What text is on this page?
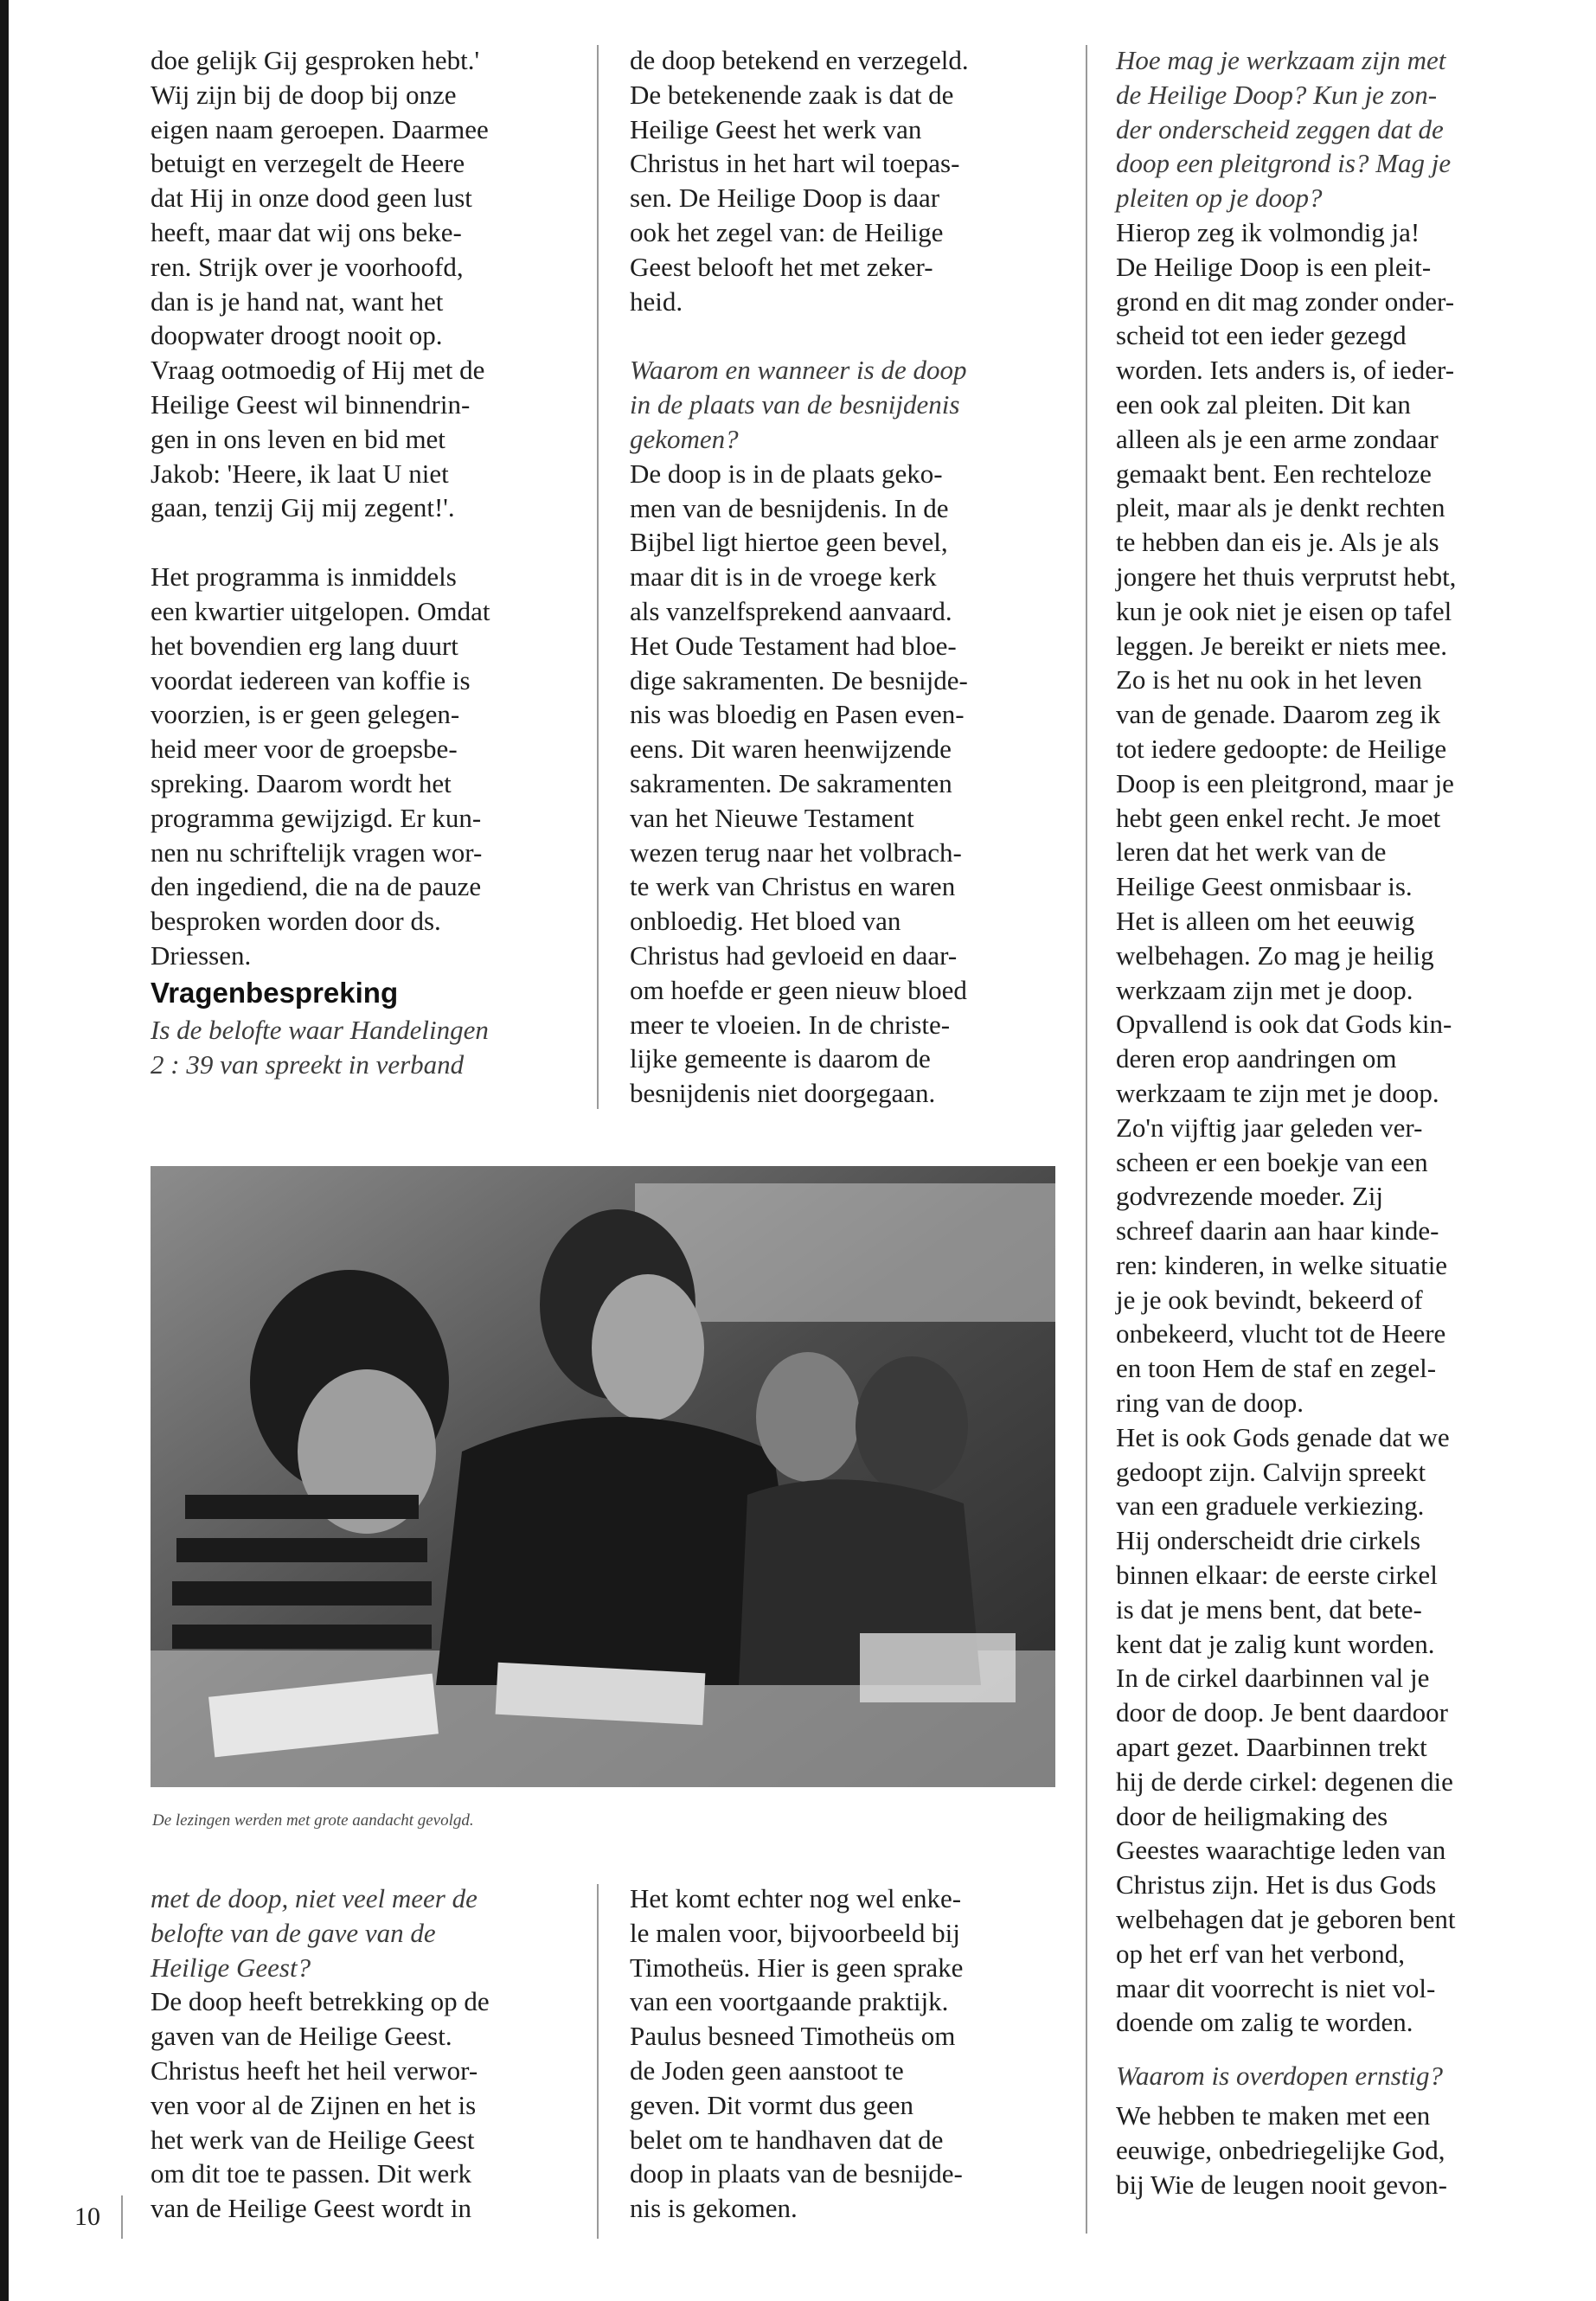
doe gelijk Gij gesproken hebt.'

Wij zijn bij de doop bij onze

eigen naam geroepen. Daarmee

betuigt en verzegelt de Heere

dat Hij in onze dood geen lust

heeft, maar dat wij ons beke-

ren. Strijk over je voorhoofd,

dan is je hand nat, want het

doopwater droogt nooit op.

Vraag ootmoedig of Hij met de

Heilige Geest wil binnendrin-

gen in ons leven en bid met

Jakob: 'Heere, ik laat U niet

gaan, tenzij Gij mij zegent!'.

Het programma is inmiddels

een kwartier uitgelopen. Omdat

het bovendien erg lang duurt

voordat iedereen van koffie is

voorzien, is er geen gelegen-

heid meer voor de groepsbe-

spreking. Daarom wordt het

programma gewijzigd. Er kun-

nen nu schriftelijk vragen wor-

den ingediend, die na de pauze

besproken worden door ds.

Driessen.

Vragenbespreking

Is de belofte waar Handelingen

2 : 39 van spreekt in verband

de doop betekend en verzegeld.

De betekenende zaak is dat de

Heilige Geest het werk van

Christus in het hart wil toepas-

sen. De Heilige Doop is daar

ook het zegel van: de Heilige

Geest belooft het met zeker-

heid.

Waarom en wanneer is de doop

in de plaats van de besnijdenis

gekomen?

De doop is in de plaats geko-

men van de besnijdenis. In de

Bijbel ligt hiertoe geen bevel,

maar dit is in de vroege kerk

als vanzelfsprekend aanvaard.

Het Oude Testament had bloe-

dige sakramenten. De besnijde-

nis was bloedig en Pasen even-

eens. Dit waren heenwijzende

sakramenten. De sakramenten

van het Nieuwe Testament

wezen terug naar het volbrach-

te werk van Christus en waren

onbloedig. Het bloed van

Christus had gevloeid en daar-

om hoefde er geen nieuw bloed

meer te vloeien. In de christe-

lijke gemeente is daarom de

besnijdenis niet doorgegaan.

Hoe mag je werkzaam zijn met

de Heilige Doop? Kun je zon-

der onderscheid zeggen dat de

doop een pleitgrond is? Mag je

pleiten op je doop?

Hierop zeg ik volmondig ja!

De Heilige Doop is een pleit-

grond en dit mag zonder onder-

scheid tot een ieder gezegd

worden. Iets anders is, of ieder-

een ook zal pleiten. Dit kan

alleen als je een arme zondaar

gemaakt bent. Een rechteloze

pleit, maar als je denkt rechten

te hebben dan eis je. Als je als

jongere het thuis verprutst hebt,

kun je ook niet je eisen op tafel

leggen. Je bereikt er niets mee.

Zo is het nu ook in het leven

van de genade. Daarom zeg ik

tot iedere gedoopte: de Heilige

Doop is een pleitgrond, maar je

hebt geen enkel recht. Je moet

leren dat het werk van de

Heilige Geest onmisbaar is.

Het is alleen om het eeuwig

welbehagen. Zo mag je heilig

werkzaam zijn met je doop.

Opvallend is ook dat Gods kin-

deren erop aandringen om

werkzaam te zijn met je doop.

Zo'n vijftig jaar geleden ver-

scheen er een boekje van een

godvrezende moeder. Zij

schreef daarin aan haar kinde-

ren: kinderen, in welke situatie

je je ook bevindt, bekeerd of

onbekeerd, vlucht tot de Heere

en toon Hem de staf en zegel-

ring van de doop.

Het is ook Gods genade dat we

gedoopt zijn. Calvijn spreekt

van een graduele verkiezing.

Hij onderscheidt drie cirkels

binnen elkaar: de eerste cirkel

is dat je mens bent, dat bete-

kent dat je zalig kunt worden.

In de cirkel daarbinnen val je

door de doop. Je bent daardoor

apart gezet. Daarbinnen trekt

hij de derde cirkel: degenen die

door de heiligmaking des

Geestes waarachtige leden van

Christus zijn. Het is dus Gods

welbehagen dat je geboren bent

op het erf van het verbond,

maar dit voorrecht is niet vol-

doende om zalig te worden.

Waarom is overdopen ernstig?

We hebben te maken met een

eeuwige, onbedriegelijke God,

bij Wie de leugen nooit gevon-

De lezingen werden met grote aandacht gevolgd.

met de doop, niet veel meer de

belofte van de gave van de

Heilige Geest?

De doop heeft betrekking op de

gaven van de Heilige Geest.

Christus heeft het heil verwor-

ven voor al de Zijnen en het is

het werk van de Heilige Geest

om dit toe te passen. Dit werk

van de Heilige Geest wordt in

Het komt echter nog wel enke-

le malen voor, bijvoorbeeld bij

Timotheüs. Hier is geen sprake

van een voortgaande praktijk.

Paulus besneed Timotheüs om

de Joden geen aanstoot te

geven. Dit vormt dus geen

belet om te handhaven dat de

doop in plaats van de besnijde-

nis is gekomen.

10
